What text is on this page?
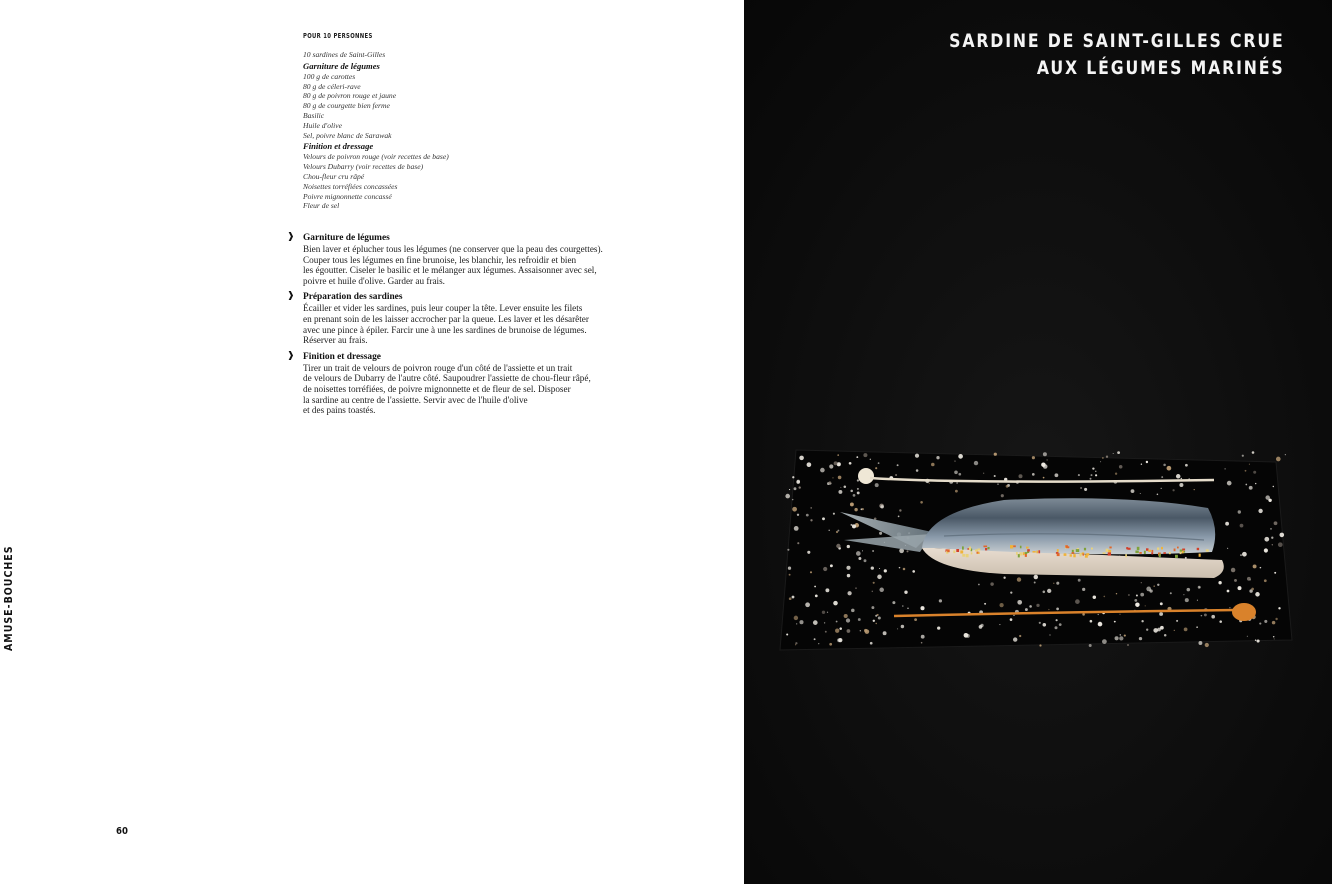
POUR 10 PERSONNES
10 sardines de Saint-Gilles
Garniture de légumes
100 g de carottes
80 g de céleri-rave
80 g de poivron rouge et jaune
80 g de courgette bien ferme
Basilic
Huile d'olive
Sel, poivre blanc de Sarawak
Finition et dressage
Velours de poivron rouge (voir recettes de base)
Velours Dubarry (voir recettes de base)
Chou-fleur cru râpé
Noisettes torréfiées concassées
Poivre mignonnette concassé
Fleur de sel
❱ Garniture de légumes
Bien laver et éplucher tous les légumes (ne conserver que la peau des courgettes).
Couper tous les légumes en fine brunoise, les blanchir, les refroidir et bien
les égoutter. Ciseler le basilic et le mélanger aux légumes. Assaisonner avec sel,
poivre et huile d'olive. Garder au frais.
❱ Préparation des sardines
Écailler et vider les sardines, puis leur couper la tête. Lever ensuite les filets
en prenant soin de les laisser accrocher par la queue. Les laver et les désarêter
avec une pince à épiler. Farcir une à une les sardines de brunoise de légumes.
Réserver au frais.
❱ Finition et dressage
Tirer un trait de velours de poivron rouge d'un côté de l'assiette et un trait
de velours de Dubarry de l'autre côté. Saupoudrer l'assiette de chou-fleur râpé,
de noisettes torréfiées, de poivre mignonnette et de fleur de sel. Disposer
la sardine au centre de l'assiette. Servir avec de l'huile d'olive
et des pains toastés.
AMUSE-BOUCHES
60
SARDINE DE SAINT-GILLES CRUE
AUX LÉGUMES MARINÉS
